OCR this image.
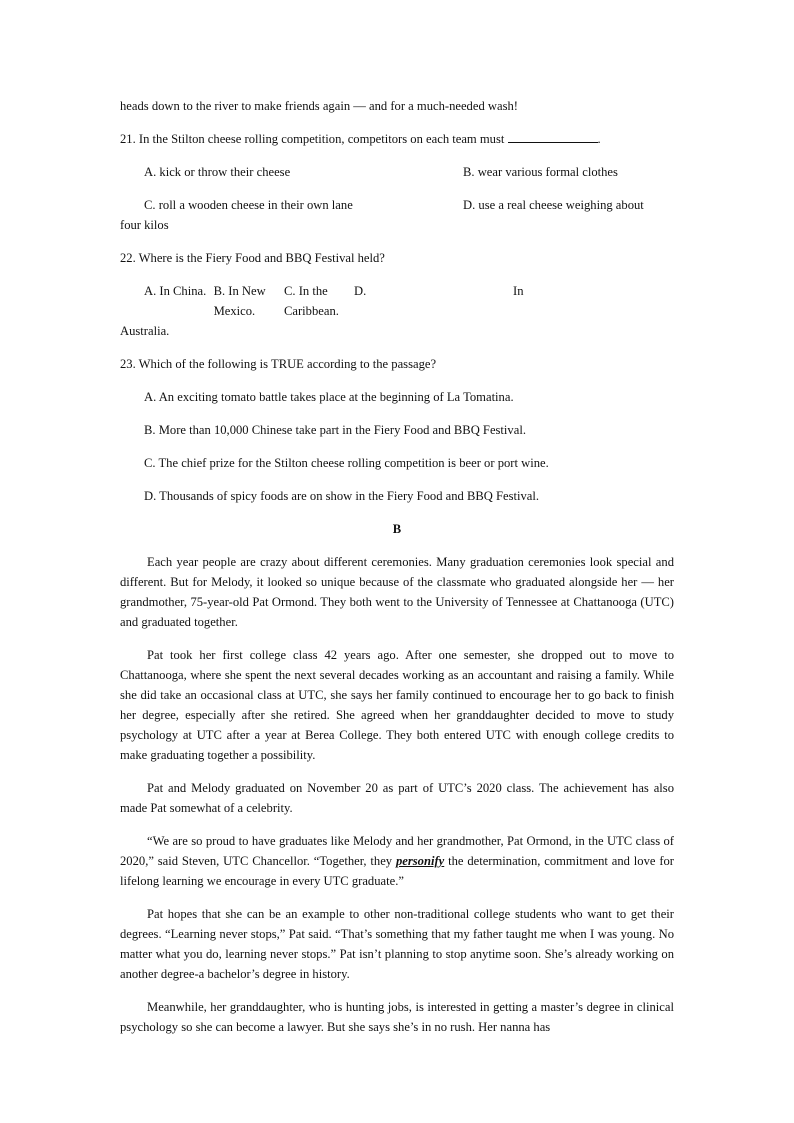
heads down to the river to make friends again — and for a much-needed wash!

21. In the Stilton cheese rolling competition, competitors on each team must	.

A. kick or throw their cheese	B. wear various formal clothes
C. roll a wooden cheese in their own lane	D. use a real cheese weighing about

four kilos

22. Where is the Fiery Food and BBQ Festival held?

A. In China. B. In New Mexico.
C. In the Caribbean.
D.	In

Australia.

23. Which of the following is TRUE according to the passage?

A. An exciting tomato battle takes place at the beginning of La Tomatina.

B. More than 10,000 Chinese take part in the Fiery Food and BBQ Festival.

C. The chief prize for the Stilton cheese rolling competition is beer or port wine.

D. Thousands of spicy foods are on show in the Fiery Food and BBQ Festival.

B

Each year people are crazy about different ceremonies. Many graduation ceremonies look special and different. But for Melody, it looked so unique because of the classmate who graduated alongside her — her grandmother, 75-year-old Pat Ormond. They both went to the University of Tennessee at Chattanooga (UTC) and graduated together.

Pat took her first college class 42 years ago. After one semester, she dropped out to move to Chattanooga, where she spent the next several decades working as an accountant and raising a family. While she did take an occasional class at UTC, she says her family continued to encourage her to go back to finish her degree, especially after she retired. She agreed when her granddaughter decided to move to study psychology at UTC after a year at Berea College. They both entered UTC with enough college credits to make graduating together a possibility.

Pat and Melody graduated on November 20 as part of UTC’s 2020 class. The achievement has also made Pat somewhat of a celebrity.

“We are so proud to have graduates like Melody and her grandmother, Pat Ormond, in the UTC class of 2020,” said Steven, UTC Chancellor. “Together, they personify the determination, commitment and love for lifelong learning we encourage in every UTC graduate.”

Pat hopes that she can be an example to other non-traditional college students who want to get their degrees. “Learning never stops,” Pat said. “That’s something that my father taught me when I was young. No matter what you do, learning never stops.” Pat isn’t planning to stop anytime soon. She’s already working on another degree-a bachelor’s degree in history.

Meanwhile, her granddaughter, who is hunting jobs, is interested in getting a master’s degree in clinical psychology so she can become a lawyer. But she says she’s in no rush. Her nanna has
